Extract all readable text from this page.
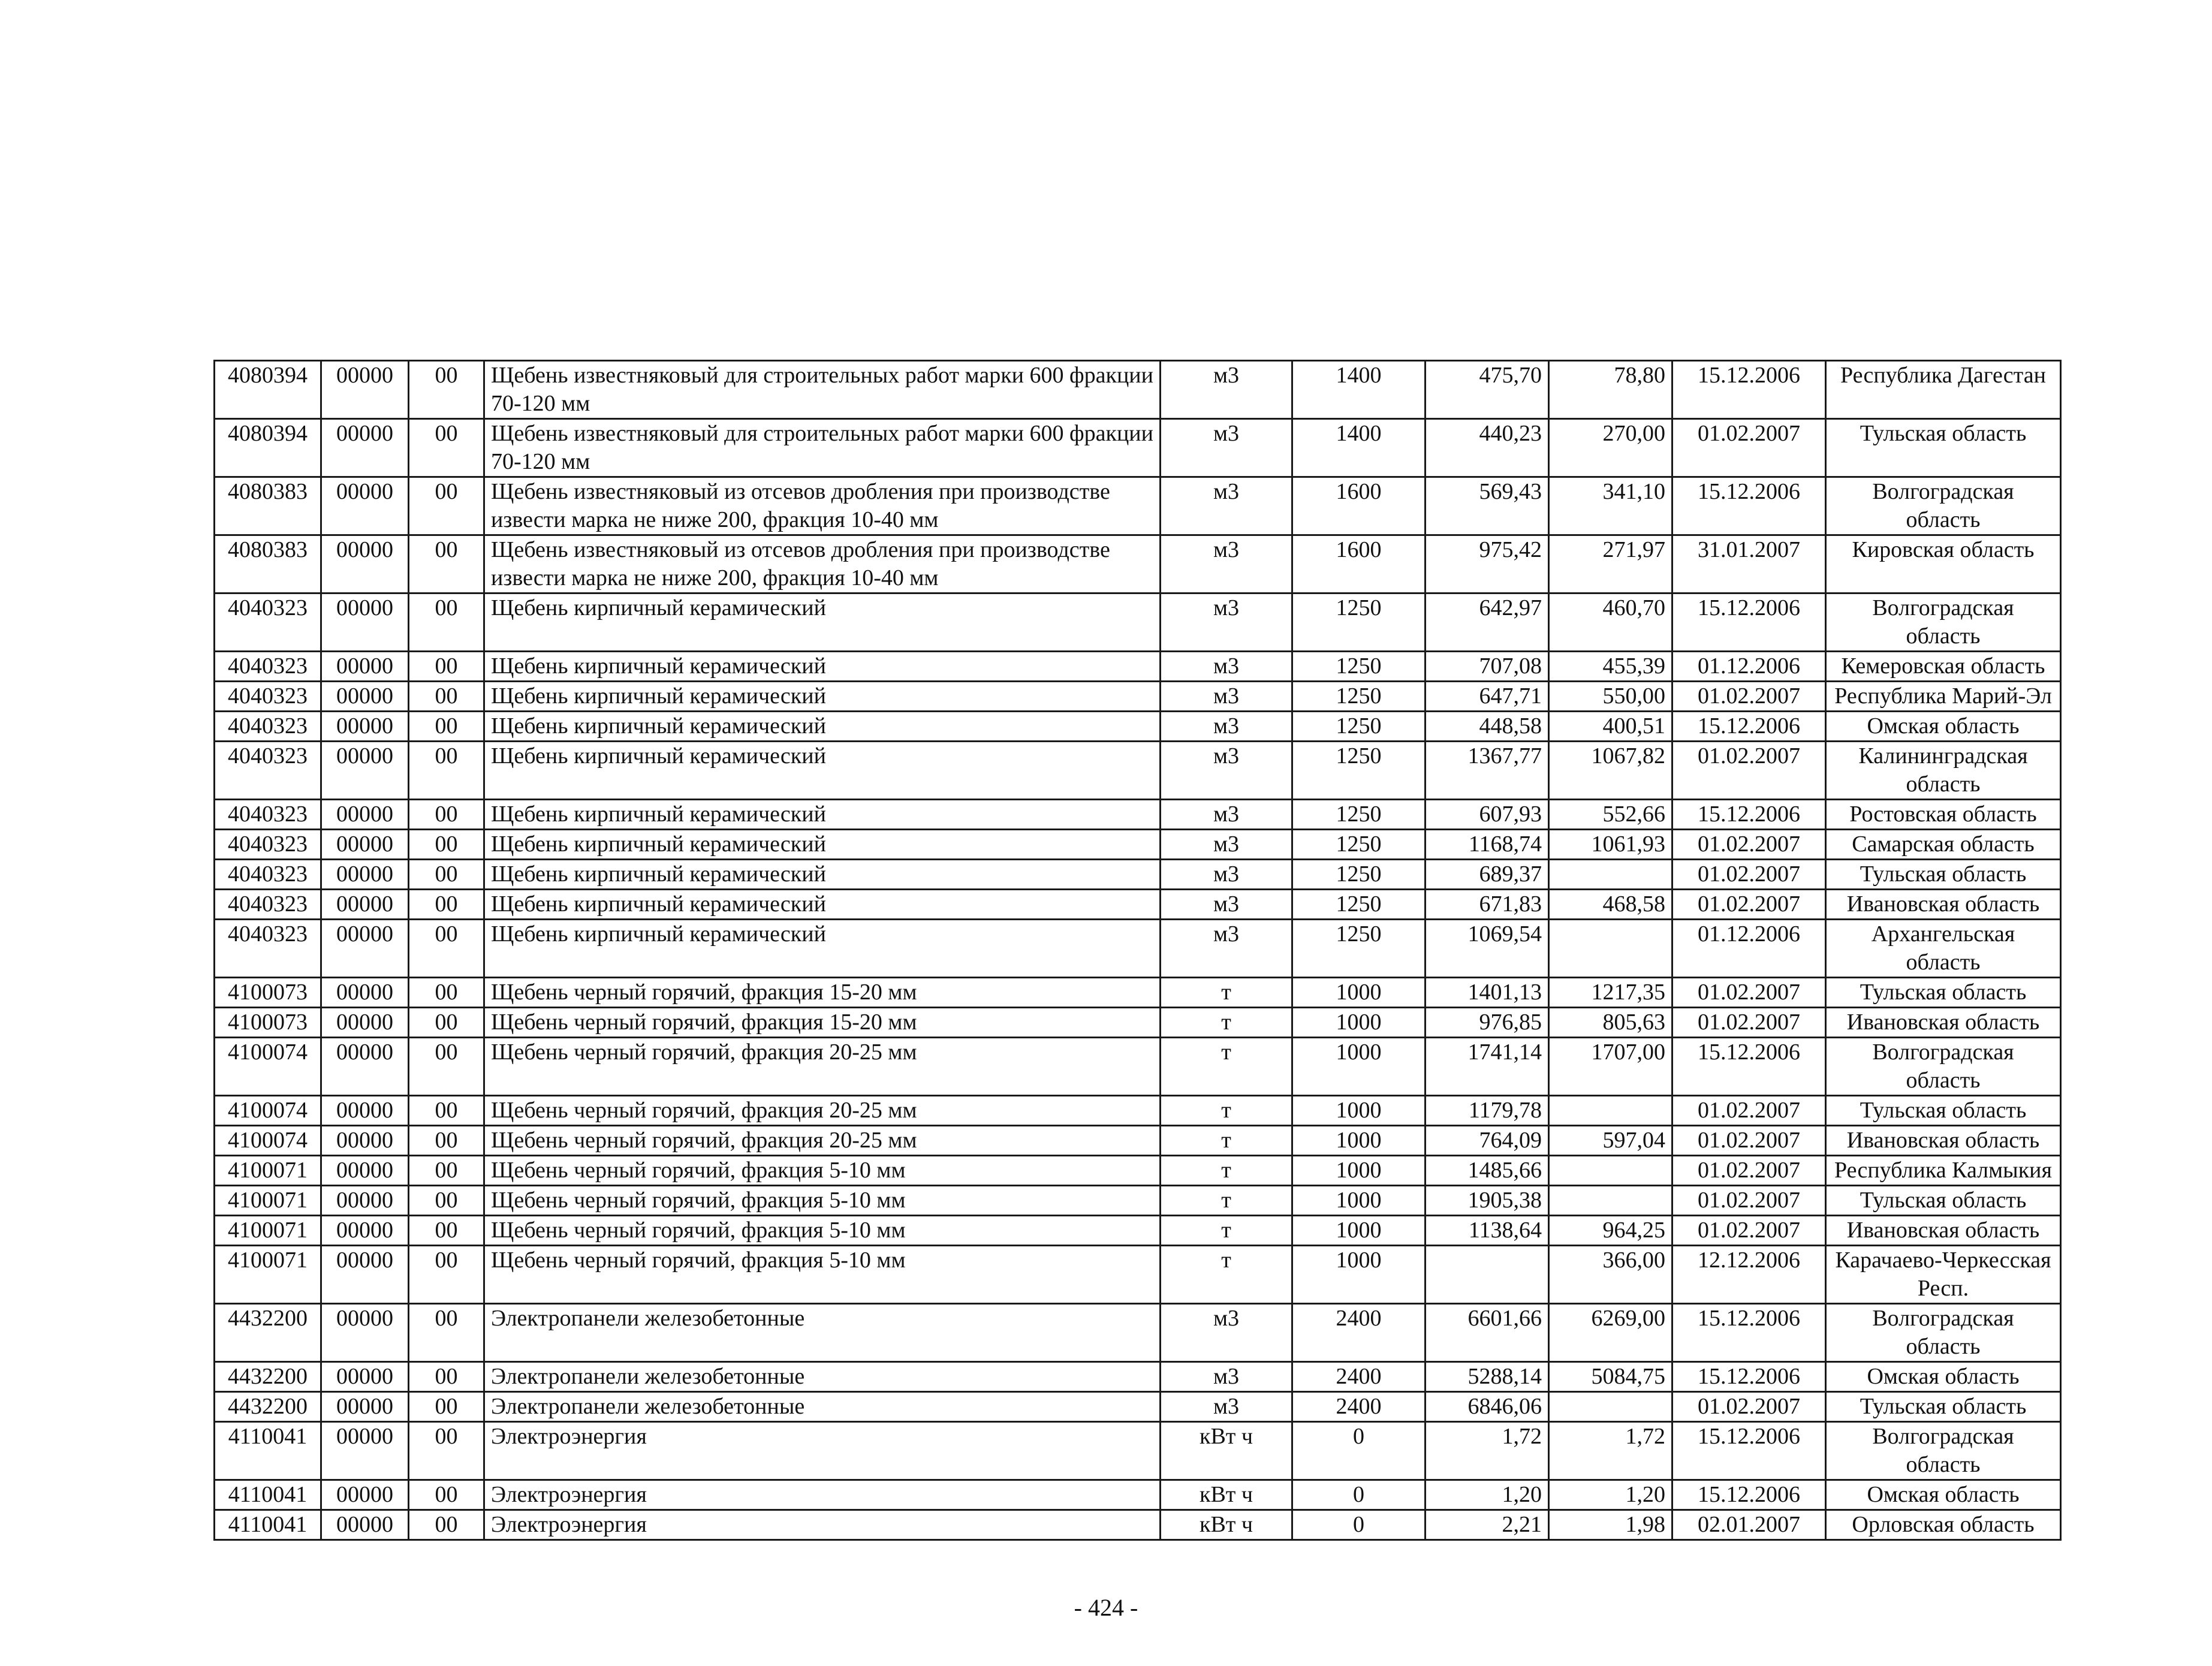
4080394	00000	00	Щебень известняковый для строительных работ марки 600 фракции 70-120 мм	м3	1400	475,70	78,80	15.12.2006	Республика Дагестан
4080394	00000	00	Щебень известняковый для строительных работ марки 600 фракции 70-120 мм	м3	1400	440,23	270,00	01.02.2007	Тульская область
4080383	00000	00	Щебень известняковый из отсевов дробления при производстве извести марка не ниже 200, фракция 10-40 мм	м3	1600	569,43	341,10	15.12.2006	Волгоградская область
4080383	00000	00	Щебень известняковый из отсевов дробления при производстве извести марка не ниже 200, фракция 10-40 мм	м3	1600	975,42	271,97	31.01.2007	Кировская область
4040323	00000	00	Щебень кирпичный керамический	м3	1250	642,97	460,70	15.12.2006	Волгоградская область
4040323	00000	00	Щебень кирпичный керамический	м3	1250	707,08	455,39	01.12.2006	Кемеровская область
4040323	00000	00	Щебень кирпичный керамический	м3	1250	647,71	550,00	01.02.2007	Республика Марий-Эл
4040323	00000	00	Щебень кирпичный керамический	м3	1250	448,58	400,51	15.12.2006	Омская область
4040323	00000	00	Щебень кирпичный керамический	м3	1250	1367,77	1067,82	01.02.2007	Калининградская область
4040323	00000	00	Щебень кирпичный керамический	м3	1250	607,93	552,66	15.12.2006	Ростовская область
4040323	00000	00	Щебень кирпичный керамический	м3	1250	1168,74	1061,93	01.02.2007	Самарская область
4040323	00000	00	Щебень кирпичный керамический	м3	1250	689,37		01.02.2007	Тульская область
4040323	00000	00	Щебень кирпичный керамический	м3	1250	671,83	468,58	01.02.2007	Ивановская область
4040323	00000	00	Щебень кирпичный керамический	м3	1250	1069,54		01.12.2006	Архангельская область
4100073	00000	00	Щебень черный горячий, фракция 15-20 мм	т	1000	1401,13	1217,35	01.02.2007	Тульская область
4100073	00000	00	Щебень черный горячий, фракция 15-20 мм	т	1000	976,85	805,63	01.02.2007	Ивановская область
4100074	00000	00	Щебень черный горячий, фракция 20-25 мм	т	1000	1741,14	1707,00	15.12.2006	Волгоградская область
4100074	00000	00	Щебень черный горячий, фракция 20-25 мм	т	1000	1179,78		01.02.2007	Тульская область
4100074	00000	00	Щебень черный горячий, фракция 20-25 мм	т	1000	764,09	597,04	01.02.2007	Ивановская область
4100071	00000	00	Щебень черный горячий, фракция 5-10 мм	т	1000	1485,66		01.02.2007	Республика Калмыкия
4100071	00000	00	Щебень черный горячий, фракция 5-10 мм	т	1000	1905,38		01.02.2007	Тульская область
4100071	00000	00	Щебень черный горячий, фракция 5-10 мм	т	1000	1138,64	964,25	01.02.2007	Ивановская область
4100071	00000	00	Щебень черный горячий, фракция 5-10 мм	т	1000		366,00	12.12.2006	Карачаево-Черкесская Респ.
4432200	00000	00	Электропанели железобетонные	м3	2400	6601,66	6269,00	15.12.2006	Волгоградская область
4432200	00000	00	Электропанели железобетонные	м3	2400	5288,14	5084,75	15.12.2006	Омская область
4432200	00000	00	Электропанели железобетонные	м3	2400	6846,06		01.02.2007	Тульская область
4110041	00000	00	Электроэнергия	кВт ч	0	1,72	1,72	15.12.2006	Волгоградская область
4110041	00000	00	Электроэнергия	кВт ч	0	1,20	1,20	15.12.2006	Омская область
4110041	00000	00	Электроэнергия	кВт ч	0	2,21	1,98	02.01.2007	Орловская область
- 424 -
